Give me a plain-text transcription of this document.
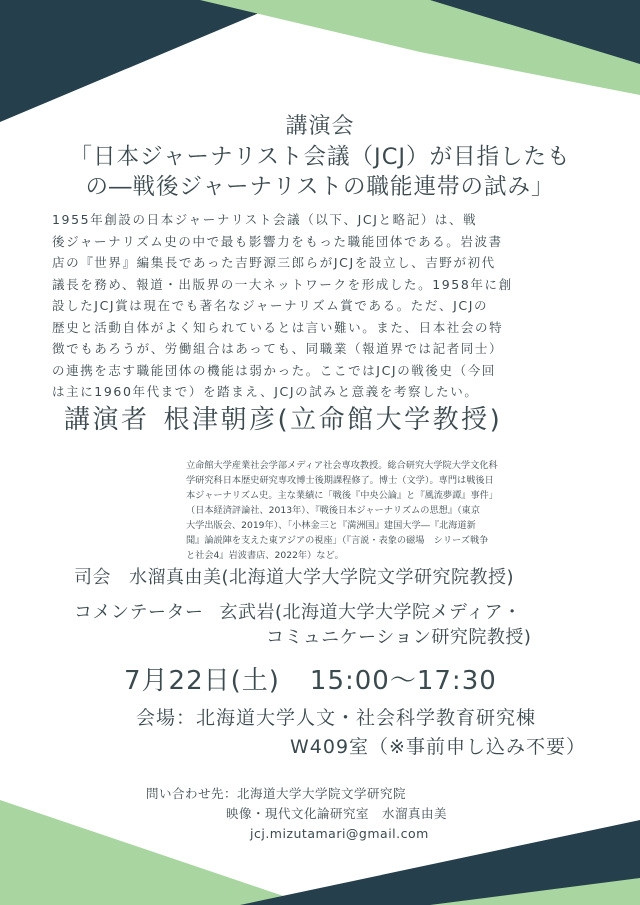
講演会
「日本ジャーナリスト会議（JCJ）が目指したも
の―戦後ジャーナリストの職能連帯の試み」
1955年創設の日本ジャーナリスト会議（以下、JCJと略記）は、戦
後ジャーナリズム史の中で最も影響力をもった職能団体である。岩波書
店の『世界』編集長であった吉野源三郎らがJCJを設立し、吉野が初代
議長を務め、報道・出版界の一大ネットワークを形成した。1958年に創
設したJCJ賞は現在でも著名なジャーナリズム賞である。ただ、JCJの
歴史と活動自体がよく知られているとは言い難い。また、日本社会の特
徴でもあろうが、労働組合はあっても、同職業（報道界では記者同士）
の連携を志す職能団体の機能は弱かった。ここではJCJの戦後史（今回
は主に1960年代まで）を踏まえ、JCJの試みと意義を考察したい。
講演者 根津朝彦(立命館大学教授)
立命館大学産業社会学部メディア社会専攻教授。総合研究大学院大学文化科
学研究科日本歴史研究専攻博士後期課程修了。博士（文学）。専門は戦後日
本ジャーナリズム史。主な業績に「戦後『中央公論』と『風流夢譚』事件」
（日本経済評論社、2013年）、『戦後日本ジャーナリズムの思想』（東京
大学出版会、2019年）、「小林金三と『満洲国』建国大学―『北海道新
聞』論説陣を支えた東アジアの視座」（『言説・表象の磁場　シリーズ戦争
と社会4』岩波書店、2022年）など。
司会 水溜真由美(北海道大学大学院文学研究院教授)
コメンテーター 玄武岩(北海道大学大学院メディア・
コミュニケーション研究院教授)
7月22日(土) 15:00〜17:30
会場：北海道大学人文・社会科学教育研究棟
W409室（※事前申し込み不要）
問い合わせ先：北海道大学大学院文学研究院
映像・現代文化論研究室　水溜真由美
jcj.mizutamari@gmail.com
